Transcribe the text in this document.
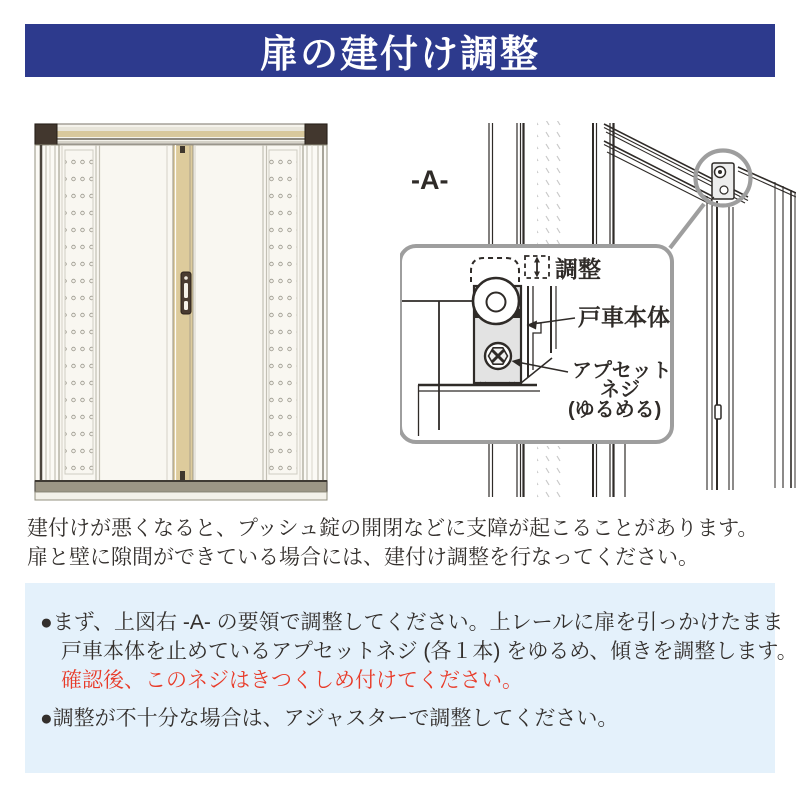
扉の建付け調整
-A-
調整
戸車本体
アプセット
ネジ
(ゆるめる)
建付けが悪くなると、プッシュ錠の開閉などに支障が起こることがあります。
扉と壁に隙間ができている場合には、建付け調整を行なってください。
●まず、上図右 -A- の要領で調整してください。上レールに扉を引っかけたまま
戸車本体を止めているアプセットネジ (各１本) をゆるめ、傾きを調整します。
確認後、このネジはきつくしめ付けてください。
●調整が不十分な場合は、アジャスターで調整してください。
